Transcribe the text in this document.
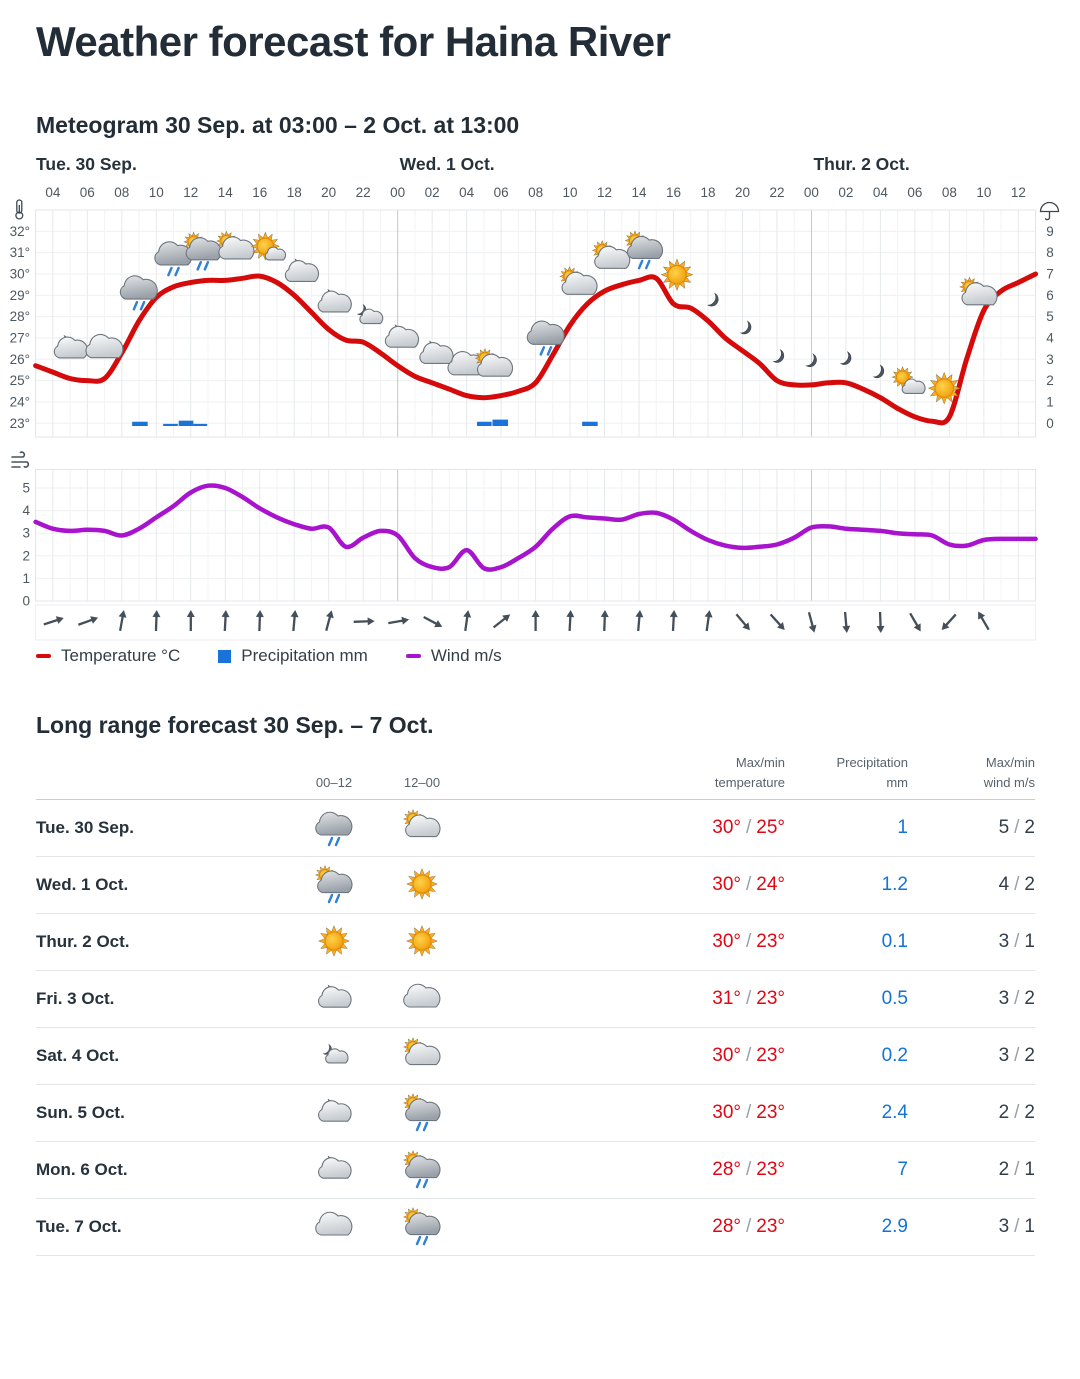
Weather forecast for Haina River
Meteogram 30 Sep. at 03:00 – 2 Oct. at 13:00
Tue. 30 Sep.	Wed. 1 Oct.	Thur. 2 Oct.
04 06 08 10 12 14 16 18 20 22 00 02 04 06 08 10 12 14 16 18 20 22 00 02 04 06 08 10 12
32°
31°
30°
29°
28°
27°
26°
25°
24°
23°
9
8
7
6
5
4
3
2
1
0
5
4
3
2
1
0
Temperature °C	Precipitation mm	Wind m/s
Long range forecast 30 Sep. – 7 Oct.
00–12	12–00
Max/min
temperature
Precipitation
mm
Max/min
wind m/s
Tue. 30 Sep.	30° / 25°	1	5 / 2
Wed. 1 Oct.	30° / 24°	1.2	4 / 2
Thur. 2 Oct.	30° / 23°	0.1	3 / 1
Fri. 3 Oct.	31° / 23°	0.5	3 / 2
Sat. 4 Oct.	30° / 23°	0.2	3 / 2
Sun. 5 Oct.	30° / 23°	2.4	2 / 2
Mon. 6 Oct.	28° / 23°	7	2 / 1
Tue. 7 Oct.	28° / 23°	2.9	3 / 1
